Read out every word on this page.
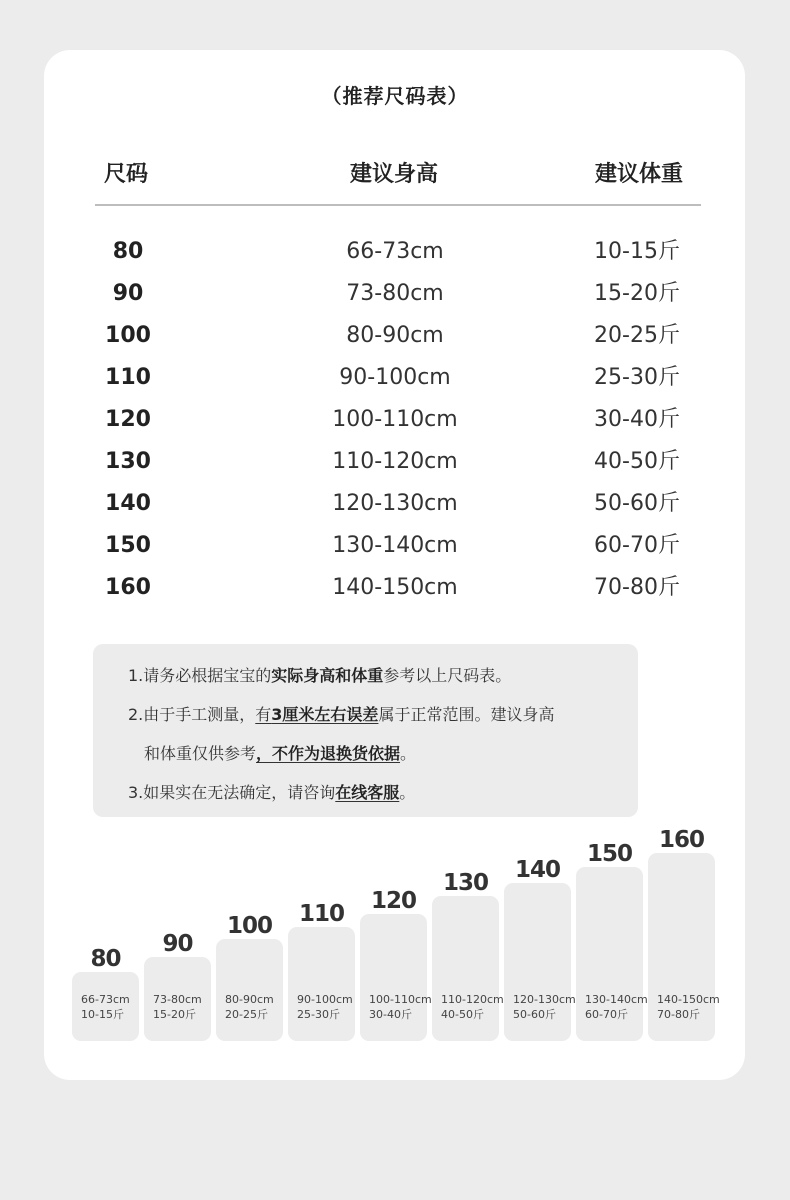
（推荐尺码表）
尺码	建议身高	建议体重
80	66-73cm	10-15斤
90	73-80cm	15-20斤
100	80-90cm	20-25斤
110	90-100cm	25-30斤
120	100-110cm	30-40斤
130	110-120cm	40-50斤
140	120-130cm	50-60斤
150	130-140cm	60-70斤
160	140-150cm	70-80斤
1.请务必根据宝宝的实际身高和体重参考以上尺码表。
2.由于手工测量，有3厘米左右误差属于正常范围。建议身高
和体重仅供参考，不作为退换货依据。
3.如果实在无法确定，请咨询在线客服。
66-73cm
10-15斤
80
73-80cm
15-20斤
90
80-90cm
20-25斤
100
90-100cm
25-30斤
110
100-110cm
30-40斤
120
110-120cm
40-50斤
130
120-130cm
50-60斤
140
130-140cm
60-70斤
150
140-150cm
70-80斤
160
